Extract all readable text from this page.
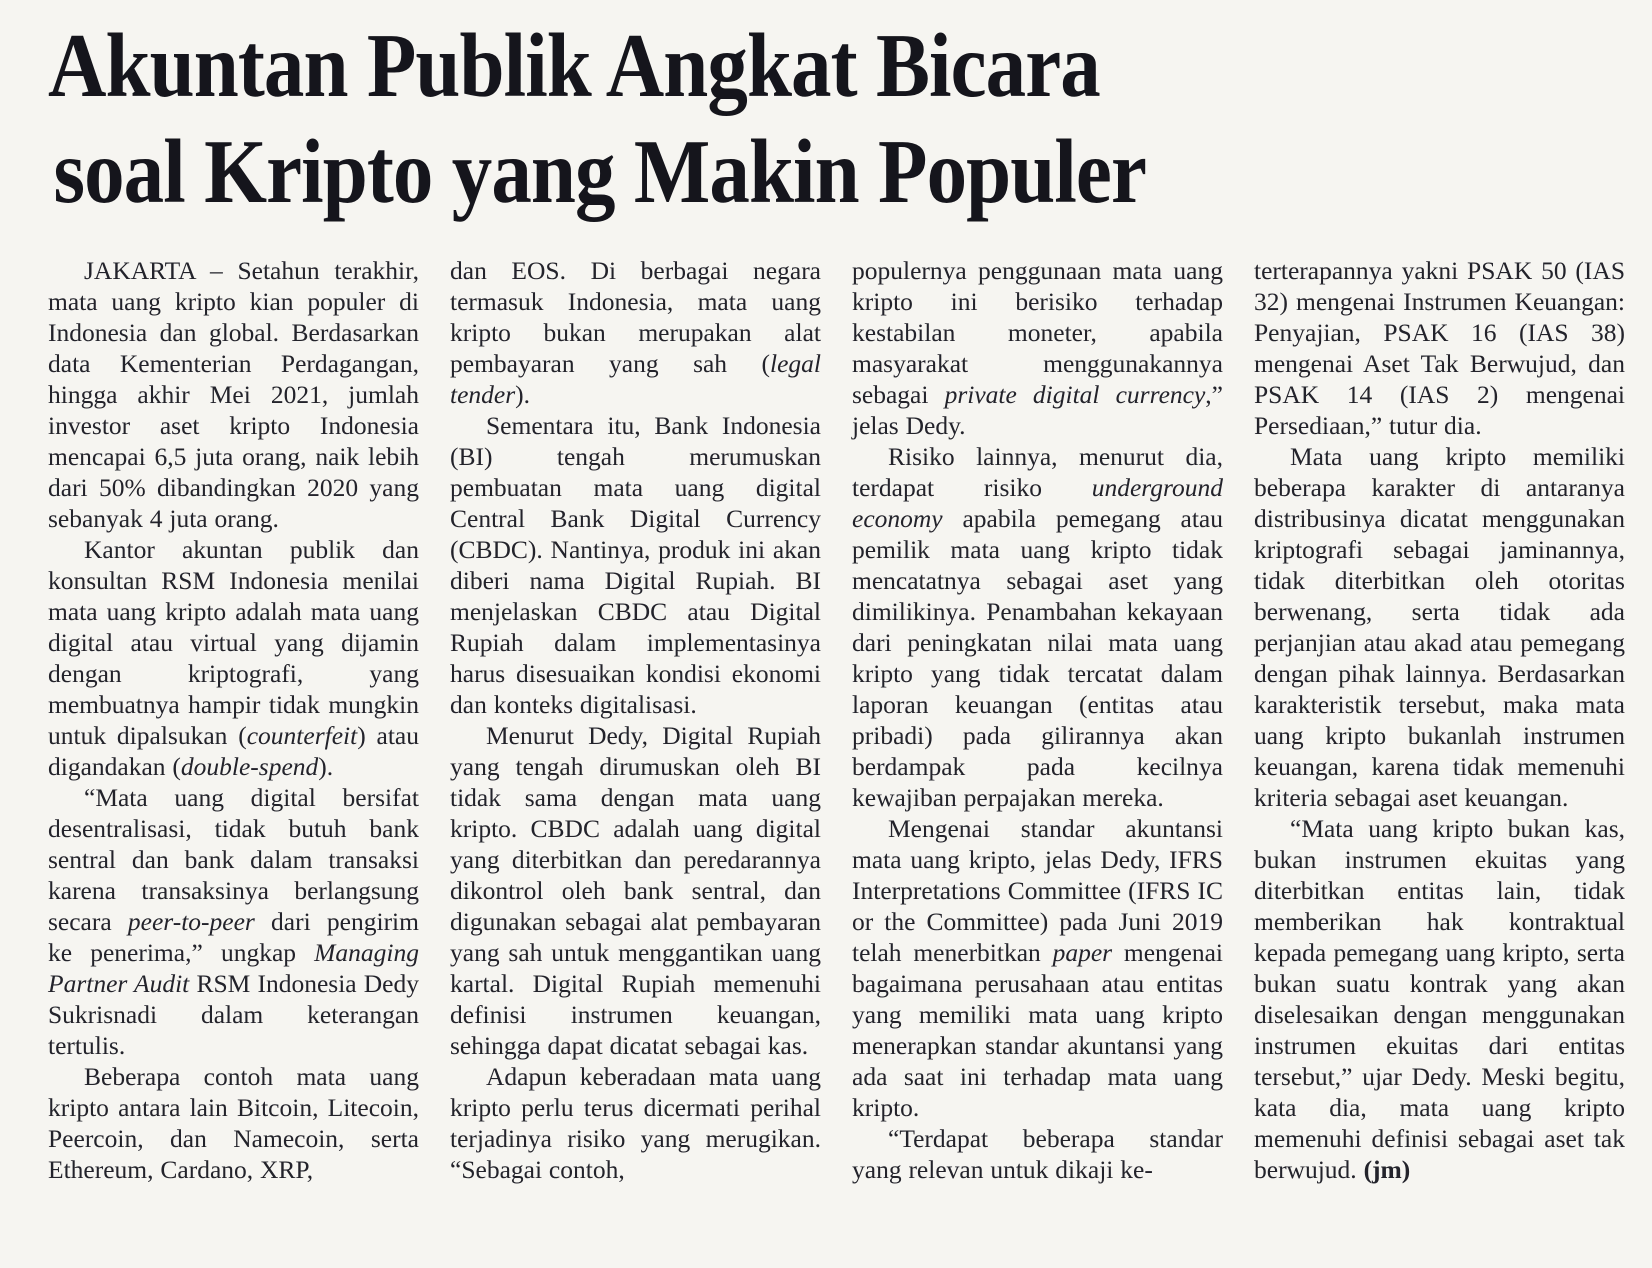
Akuntan Publik Angkat Bicara
soal Kripto yang Makin Populer

JAKARTA – Setahun terakhir, mata uang kripto kian populer di Indonesia dan global. Berdasarkan data Kementerian Perdagangan, hingga akhir Mei 2021, jumlah investor aset kripto Indonesia mencapai 6,5 juta orang, naik lebih dari 50% dibandingkan 2020 yang sebanyak 4 juta orang.

Kantor akuntan publik dan konsultan RSM Indonesia menilai mata uang kripto adalah mata uang digital atau virtual yang dijamin dengan kriptografi, yang membuatnya hampir tidak mungkin untuk dipalsukan (counterfeit) atau digandakan (double-spend).

“Mata uang digital bersifat desentralisasi, tidak butuh bank sentral dan bank dalam transaksi karena transaksinya berlangsung secara peer-to-peer dari pengirim ke penerima,” ungkap Managing Partner Audit RSM Indonesia Dedy Sukrisnadi dalam keterangan tertulis.

Beberapa contoh mata uang kripto antara lain Bitcoin, Litecoin, Peercoin, dan Namecoin, serta Ethereum, Cardano, XRP,

dan EOS. Di berbagai negara termasuk Indonesia, mata uang kripto bukan merupakan alat pembayaran yang sah (legal tender).

Sementara itu, Bank Indonesia (BI) tengah merumuskan pembuatan mata uang digital Central Bank Digital Currency (CBDC). Nantinya, produk ini akan diberi nama Digital Rupiah. BI menjelaskan CBDC atau Digital Rupiah dalam implementasinya harus disesuaikan kondisi ekonomi dan konteks digitalisasi.

Menurut Dedy, Digital Rupiah yang tengah dirumuskan oleh BI tidak sama dengan mata uang kripto. CBDC adalah uang digital yang diterbitkan dan peredarannya dikontrol oleh bank sentral, dan digunakan sebagai alat pembayaran yang sah untuk menggantikan uang kartal. Digital Rupiah memenuhi definisi instrumen keuangan, sehingga dapat dicatat sebagai kas.

Adapun keberadaan mata uang kripto perlu terus dicermati perihal terjadinya risiko yang merugikan. “Sebagai contoh,

populernya penggunaan mata uang kripto ini berisiko terhadap kestabilan moneter, apabila masyarakat menggunakannya sebagai private digital currency,” jelas Dedy.

Risiko lainnya, menurut dia, terdapat risiko underground economy apabila pemegang atau pemilik mata uang kripto tidak mencatatnya sebagai aset yang dimilikinya. Penambahan kekayaan dari peningkatan nilai mata uang kripto yang tidak tercatat dalam laporan keuangan (entitas atau pribadi) pada gilirannya akan berdampak pada kecilnya kewajiban perpajakan mereka.

Mengenai standar akuntansi mata uang kripto, jelas Dedy, IFRS Interpretations Committee (IFRS IC or the Committee) pada Juni 2019 telah menerbitkan paper mengenai bagaimana perusahaan atau entitas yang memiliki mata uang kripto menerapkan standar akuntansi yang ada saat ini terhadap mata uang kripto.

“Terdapat beberapa standar yang relevan untuk dikaji ke-

terterapannya yakni PSAK 50 (IAS 32) mengenai Instrumen Keuangan: Penyajian, PSAK 16 (IAS 38) mengenai Aset Tak Berwujud, dan PSAK 14 (IAS 2) mengenai Persediaan,” tutur dia.

Mata uang kripto memiliki beberapa karakter di antaranya distribusinya dicatat menggunakan kriptografi sebagai jaminannya, tidak diterbitkan oleh otoritas berwenang, serta tidak ada perjanjian atau akad atau pemegang dengan pihak lainnya. Berdasarkan karakteristik tersebut, maka mata uang kripto bukanlah instrumen keuangan, karena tidak memenuhi kriteria sebagai aset keuangan.

“Mata uang kripto bukan kas, bukan instrumen ekuitas yang diterbitkan entitas lain, tidak memberikan hak kontraktual kepada pemegang uang kripto, serta bukan suatu kontrak yang akan diselesaikan dengan menggunakan instrumen ekuitas dari entitas tersebut,” ujar Dedy. Meski begitu, kata dia, mata uang kripto memenuhi definisi sebagai aset tak berwujud. (jm)
